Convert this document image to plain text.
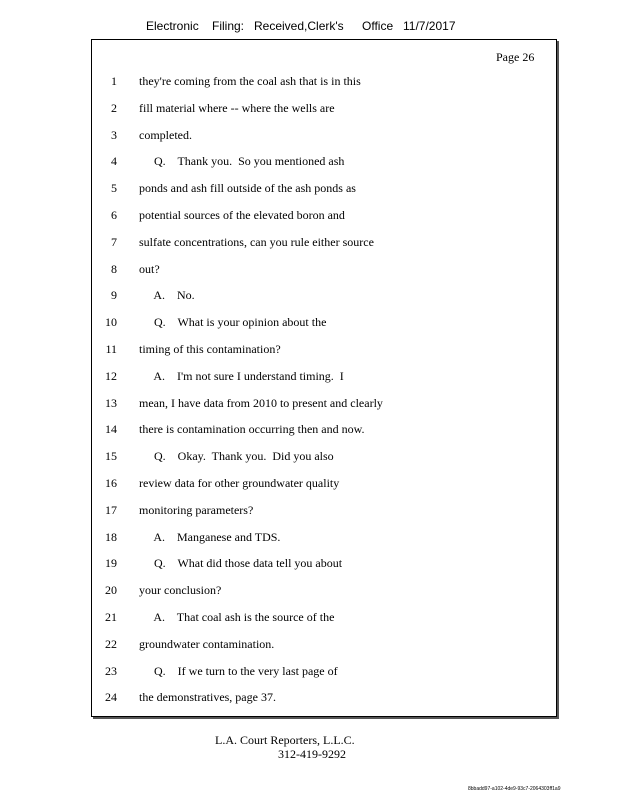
Electronic Filing: Received,Clerk's Office 11/7/2017
Page 26
1 they're coming from the coal ash that is in this
2 fill material where -- where the wells are
3 completed.
4 Q.    Thank you.  So you mentioned ash
5 ponds and ash fill outside of the ash ponds as
6 potential sources of the elevated boron and
7 sulfate concentrations, can you rule either source
8 out?
9 A.    No.
10 Q.    What is your opinion about the
11 timing of this contamination?
12 A.    I'm not sure I understand timing.  I
13 mean, I have data from 2010 to present and clearly
14 there is contamination occurring then and now.
15 Q.    Okay.  Thank you.  Did you also
16 review data for other groundwater quality
17 monitoring parameters?
18 A.    Manganese and TDS.
19 Q.    What did those data tell you about
20 your conclusion?
21 A.    That coal ash is the source of the
22 groundwater contamination.
23 Q.    If we turn to the very last page of
24 the demonstratives, page 37.
L.A. Court Reporters, L.L.C.
312-419-9292
8bbadd97-a102-4de9-93c7-2064303ff1a9
